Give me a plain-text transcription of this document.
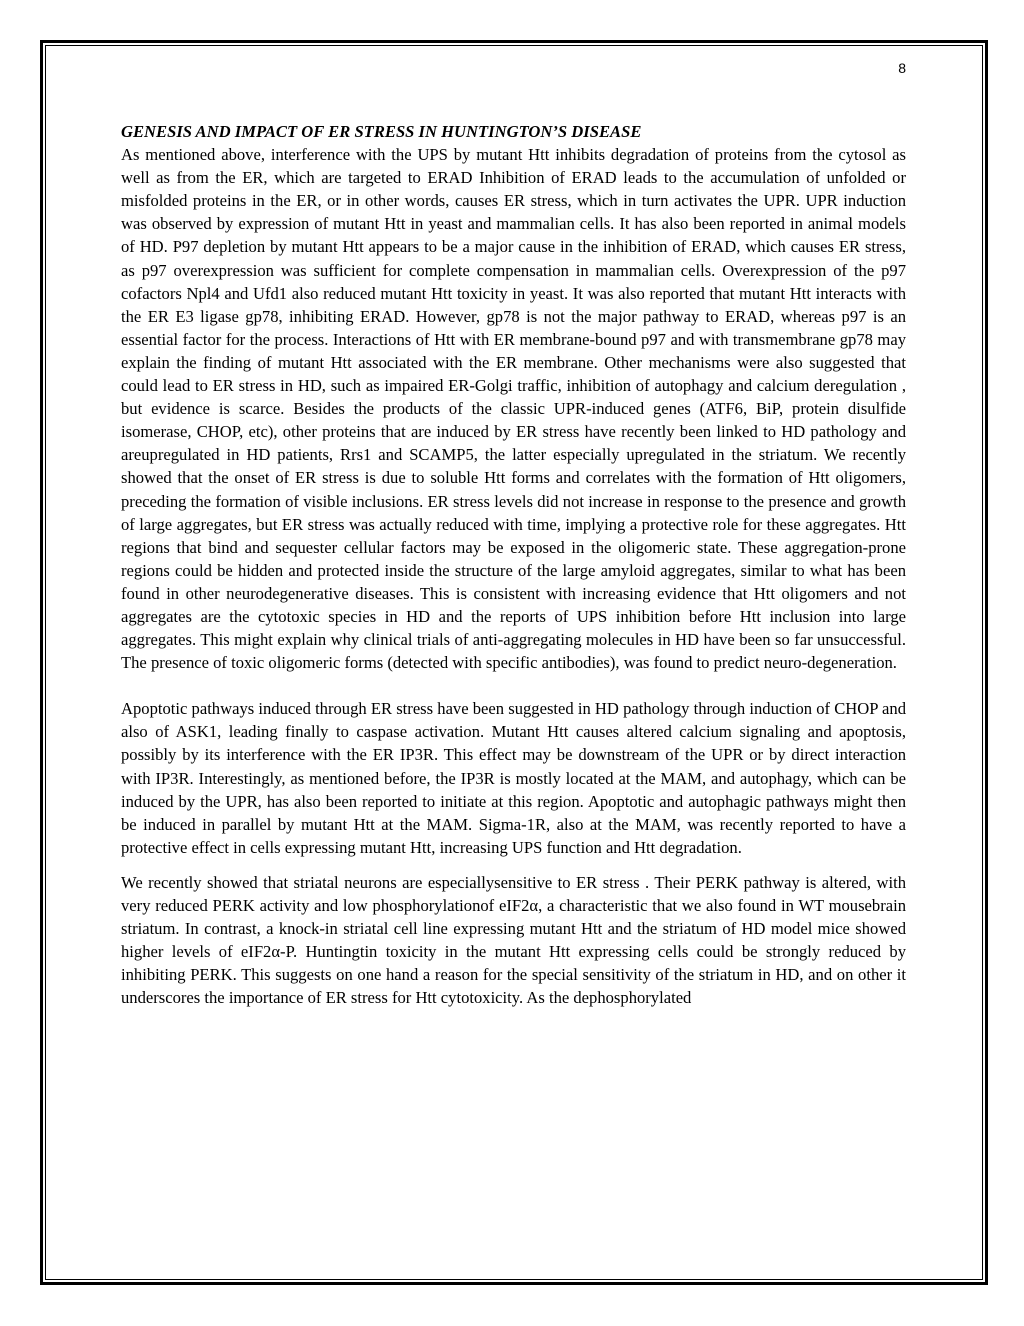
8
GENESIS AND IMPACT OF ER STRESS IN HUNTINGTON’S DISEASE

As mentioned above, interference with the UPS by mutant Htt inhibits degradation of proteins from the cytosol as well as from the ER, which are targeted to ERAD Inhibition of ERAD leads to the accumulation of unfolded or misfolded proteins in the ER, or in other words, causes ER stress, which in turn activates the UPR. UPR induction was observed by expression of mutant Htt in yeast and mammalian cells. It has also been reported in animal models of HD. P97 depletion by mutant Htt appears to be a major cause in the inhibition of ERAD, which causes ER stress, as p97 overexpression was sufficient for complete compensation in mammalian cells. Overexpression of the p97 cofactors Npl4 and Ufd1 also reduced mutant Htt toxicity in yeast. It was also reported that mutant Htt interacts with the ER E3 ligase gp78, inhibiting ERAD. However, gp78 is not the major pathway to ERAD, whereas p97 is an essential factor for the process. Interactions of Htt with ER membrane-bound p97 and with transmembrane gp78 may explain the finding of mutant Htt associated with the ER membrane. Other mechanisms were also suggested that could lead to ER stress in HD, such as impaired ER-Golgi traffic, inhibition of autophagy and calcium deregulation , but evidence is scarce. Besides the products of the classic UPR-induced genes (ATF6, BiP, protein disulfide isomerase, CHOP, etc), other proteins that are induced by ER stress have recently been linked to HD pathology and areupregulated in HD patients, Rrs1 and SCAMP5, the latter especially upregulated in the striatum. We recently showed that the onset of ER stress is due to soluble Htt forms and correlates with the formation of Htt oligomers, preceding the formation of visible inclusions. ER stress levels did not increase in response to the presence and growth of large aggregates, but ER stress was actually reduced with time, implying a protective role for these aggregates. Htt regions that bind and sequester cellular factors may be exposed in the oligomeric state. These aggregation-prone regions could be hidden and protected inside the structure of the large amyloid aggregates, similar to what has been found in other neurodegenerative diseases. This is consistent with increasing evidence that Htt oligomers and not aggregates are the cytotoxic species in HD and the reports of UPS inhibition before Htt inclusion into large aggregates. This might explain why clinical trials of anti-aggregating molecules in HD have been so far unsuccessful. The presence of toxic oligomeric forms (detected with specific antibodies), was found to predict neuro-degeneration.

Apoptotic pathways induced through ER stress have been suggested in HD pathology through induction of CHOP and also of ASK1, leading finally to caspase activation. Mutant Htt causes altered calcium signaling and apoptosis, possibly by its interference with the ER IP3R. This effect may be downstream of the UPR or by direct interaction with IP3R. Interestingly, as mentioned before, the IP3R is mostly located at the MAM, and autophagy, which can be induced by the UPR, has also been reported to initiate at this region. Apoptotic and autophagic pathways might then be induced in parallel by mutant Htt at the MAM. Sigma-1R, also at the MAM, was recently reported to have a protective effect in cells expressing mutant Htt, increasing UPS function and Htt degradation.

We recently showed that striatal neurons are especiallysensitive to ER stress . Their PERK pathway is altered, with very reduced PERK activity and low phosphorylationof eIF2α, a characteristic that we also found in WT mousebrain striatum. In contrast, a knock-in striatal cell line expressing mutant Htt and the striatum of HD model mice showed higher levels of eIF2α-P. Huntingtin toxicity in the mutant Htt expressing cells could be strongly reduced by inhibiting PERK. This suggests on one hand a reason for the special sensitivity of the striatum in HD, and on other it underscores the importance of ER stress for Htt cytotoxicity. As the dephosphorylated
